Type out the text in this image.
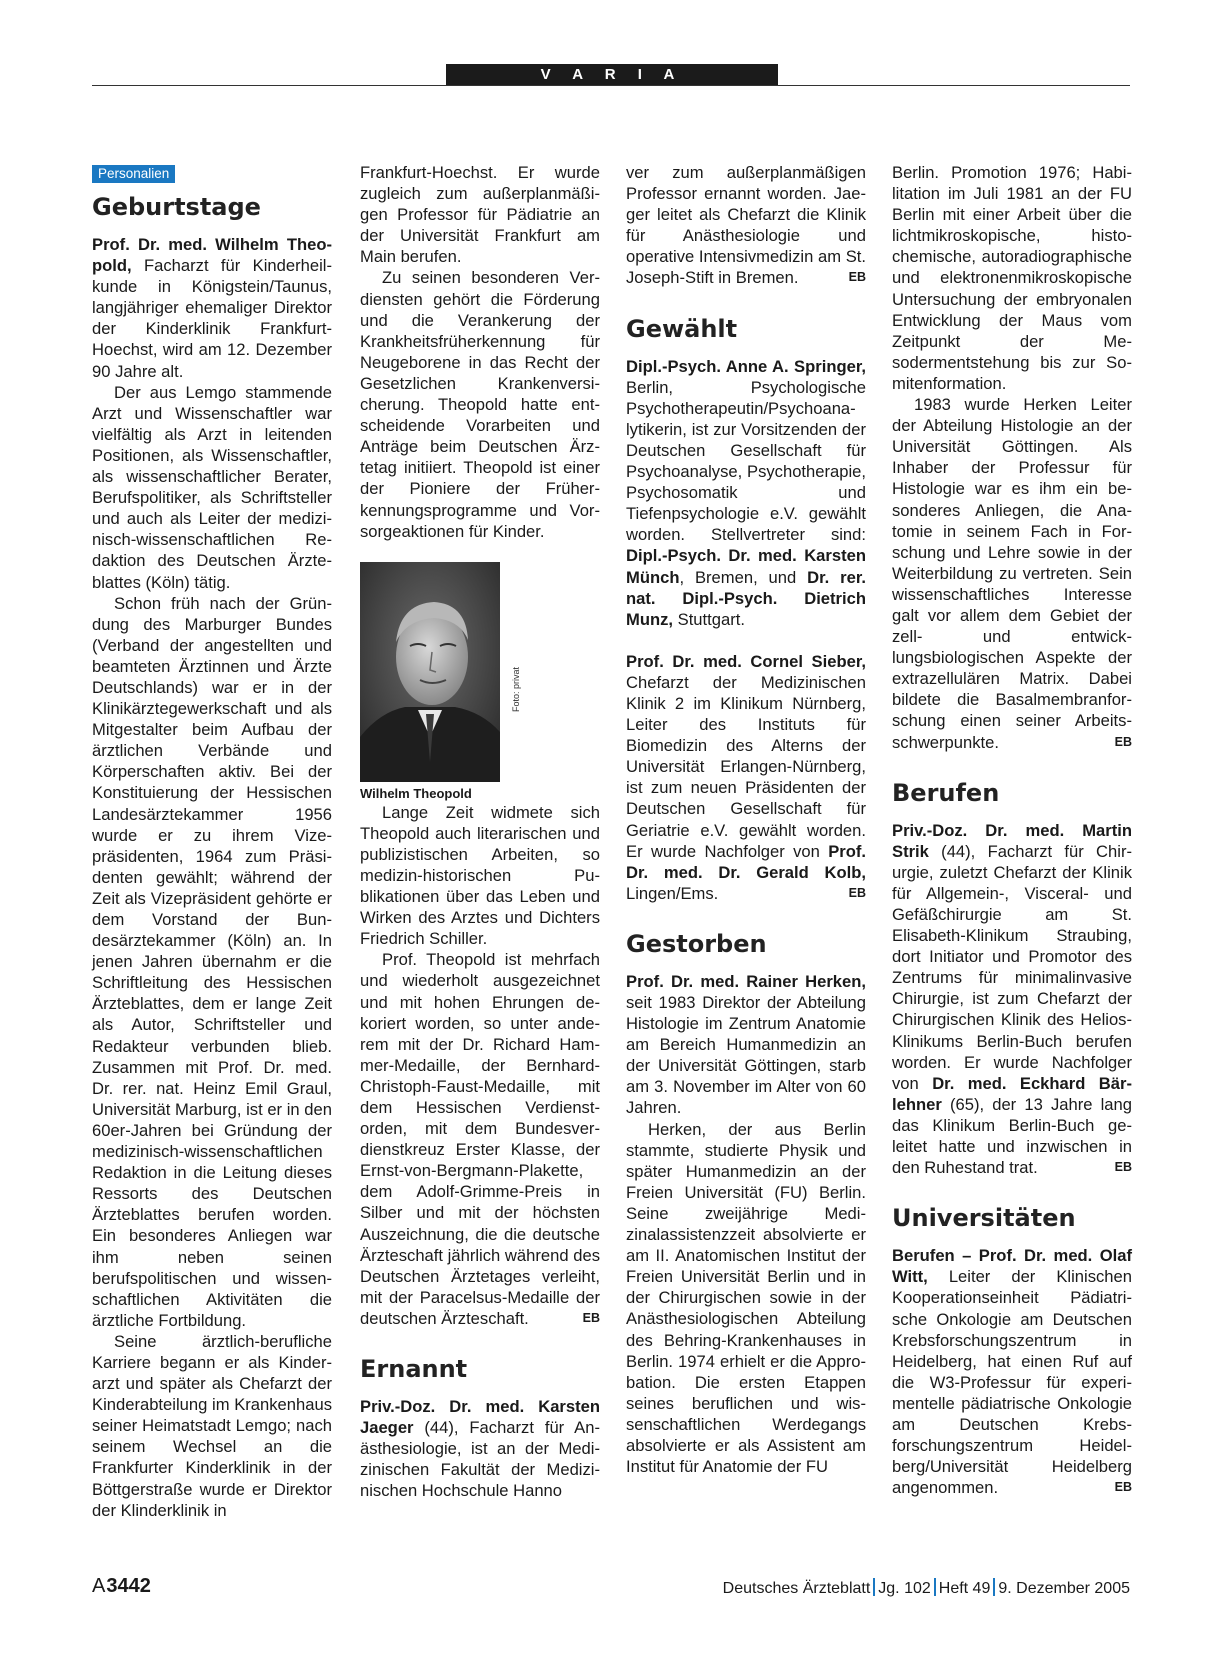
V A R I A
Personalien
Geburtstage

Prof. Dr. med. Wilhelm Theopold, Facharzt für Kinderheilkunde in Königstein/Taunus, langjähriger ehemaliger Direktor der Kinderklinik Frankfurt-Hoechst, wird am 12. Dezember 90 Jahre alt.

Der aus Lemgo stammende Arzt und Wissenschaftler war vielfältig als Arzt in leitenden Positionen, als Wissenschaftler, als wissenschaftlicher Berater, Berufspolitiker, als Schriftsteller und auch als Leiter der medizinisch-wissenschaftlichen Redaktion des Deutschen Ärzteblattes (Köln) tätig.

Schon früh nach der Gründung des Marburger Bundes (Verband der angestellten und beamteten Ärztinnen und Ärzte Deutschlands) war er in der Klinikärztegewerkschaft und als Mitgestalter beim Aufbau der ärztlichen Verbände und Körperschaften aktiv. Bei der Konstituierung der Hessischen Landesärztekammer 1956 wurde er zu ihrem Vizepräsidenten, 1964 zum Präsidenten gewählt; während der Zeit als Vizepräsident gehörte er dem Vorstand der Bundesärztekammer (Köln) an. In jenen Jahren übernahm er die Schriftleitung des Hessischen Ärzteblattes, dem er lange Zeit als Autor, Schriftsteller und Redakteur verbunden blieb. Zusammen mit Prof. Dr. med. Dr. rer. nat. Heinz Emil Graul, Universität Marburg, ist er in den 60er-Jahren bei Gründung der medizinisch-wissenschaftlichen Redaktion in die Leitung dieses Ressorts des Deutschen Ärzteblattes berufen worden. Ein besonderes Anliegen war ihm neben seinen berufspolitischen und wissenschaftlichen Aktivitäten die ärztliche Fortbildung.

Seine ärztlich-berufliche Karriere begann er als Kinderarzt und später als Chefarzt der Kinderabteilung im Krankenhaus seiner Heimatstadt Lemgo; nach seinem Wechsel an die Frankfurter Kinderklinik in der Böttgerstraße wurde er Direktor der Klinderklinik in

Frankfurt-Hoechst. Er wurde zugleich zum außerplanmäßigen Professor für Pädiatrie an der Universität Frankfurt am Main berufen.

Zu seinen besonderen Verdiensten gehört die Förderung und die Verankerung der Krankheitsfrüherkennung für Neugeborene in das Recht der Gesetzlichen Krankenversicherung. Theopold hatte entscheidende Vorarbeiten und Anträge beim Deutschen Ärztetag initiiert. Theopold ist einer der Pioniere der Früherkennungsprogramme und Vorsorgeaktionen für Kinder.

Foto: privat

Wilhelm Theopold

Lange Zeit widmete sich Theopold auch literarischen und publizistischen Arbeiten, so medizin-historischen Publikationen über das Leben und Wirken des Arztes und Dichters Friedrich Schiller.

Prof. Theopold ist mehrfach und wiederholt ausgezeichnet und mit hohen Ehrungen dekoriert worden, so unter anderem mit der Dr. Richard Hammer-Medaille, der Bernhard-Christoph-Faust-Medaille, mit dem Hessischen Verdienstorden, mit dem Bundesverdienstkreuz Erster Klasse, der Ernst-von-Bergmann-Plakette, dem Adolf-Grimme-Preis in Silber und mit der höchsten Auszeichnung, die die deutsche Ärzteschaft jährlich während des Deutschen Ärztetages verleiht, mit der Paracelsus-Medaille der deutschen Ärzteschaft.	EB

Ernannt

Priv.-Doz. Dr. med. Karsten Jaeger (44), Facharzt für Anästhesiologie, ist an der Medizinischen Fakultät der Medizinischen Hochschule Hanno

ver zum außerplanmäßigen Professor ernannt worden. Jaeger leitet als Chefarzt die Klinik für Anästhesiologie und operative Intensivmedizin am St. Joseph-Stift in Bremen.	EB

Gewählt

Dipl.-Psych. Anne A. Springer, Berlin, Psychologische Psychotherapeutin/Psychoanalytikerin, ist zur Vorsitzenden der Deutschen Gesellschaft für Psychoanalyse, Psychotherapie, Psychosomatik und Tiefenpsychologie e.V. gewählt worden. Stellvertreter sind: Dipl.-Psych. Dr. med. Karsten Münch, Bremen, und Dr. rer. nat. Dipl.-Psych. Dietrich Munz, Stuttgart.

Prof. Dr. med. Cornel Sieber, Chefarzt der Medizinischen Klinik 2 im Klinikum Nürnberg, Leiter des Instituts für Biomedizin des Alterns der Universität Erlangen-Nürnberg, ist zum neuen Präsidenten der Deutschen Gesellschaft für Geriatrie e.V. gewählt worden. Er wurde Nachfolger von Prof. Dr. med. Dr. Gerald Kolb, Lingen/Ems.	EB

Gestorben

Prof. Dr. med. Rainer Herken, seit 1983 Direktor der Abteilung Histologie im Zentrum Anatomie am Bereich Humanmedizin an der Universität Göttingen, starb am 3. November im Alter von 60 Jahren.

Herken, der aus Berlin stammte, studierte Physik und später Humanmedizin an der Freien Universität (FU) Berlin. Seine zweijährige Medizinalassistenzzeit absolvierte er am II. Anatomischen Institut der Freien Universität Berlin und in der Chirurgischen sowie in der Anästhesiologischen Abteilung des Behring-Krankenhauses in Berlin. 1974 erhielt er die Approbation. Die ersten Etappen seines beruflichen und wissenschaftlichen Werdegangs absolvierte er als Assistent am Institut für Anatomie der FU

Berlin. Promotion 1976; Habilitation im Juli 1981 an der FU Berlin mit einer Arbeit über die lichtmikroskopische, histochemische, autoradiographische und elektronenmikroskopische Untersuchung der embryonalen Entwicklung der Maus vom Zeitpunkt der Mesodermentstehung bis zur Somitenformation.

1983 wurde Herken Leiter der Abteilung Histologie an der Universität Göttingen. Als Inhaber der Professur für Histologie war es ihm ein besonderes Anliegen, die Anatomie in seinem Fach in Forschung und Lehre sowie in der Weiterbildung zu vertreten. Sein wissenschaftliches Interesse galt vor allem dem Gebiet der zell- und entwicklungsbiologischen Aspekte der extrazellulären Matrix. Dabei bildete die Basalmembranforschung einen seiner Arbeitsschwerpunkte.	EB

Berufen

Priv.-Doz. Dr. med. Martin Strik (44), Facharzt für Chirurgie, zuletzt Chefarzt der Klinik für Allgemein-, Visceral- und Gefäßchirurgie am St. Elisabeth-Klinikum Straubing, dort Initiator und Promotor des Zentrums für minimalinvasive Chirurgie, ist zum Chefarzt der Chirurgischen Klinik des Helios-Klinikums Berlin-Buch berufen worden. Er wurde Nachfolger von Dr. med. Eckhard Bärlehner (65), der 13 Jahre lang das Klinikum Berlin-Buch geleitet hatte und inzwischen in den Ruhestand trat.	EB

Universitäten

Berufen – Prof. Dr. med. Olaf Witt, Leiter der Klinischen Kooperationseinheit Pädiatrische Onkologie am Deutschen Krebsforschungszentrum in Heidelberg, hat einen Ruf auf die W3-Professur für experimentelle pädiatrische Onkologie am Deutschen Krebsforschungszentrum Heidelberg/Universität Heidelberg angenommen.	EB

A3442	Deutsches Ärzteblatt Jg. 102 Heft 49 9. Dezember 2005
